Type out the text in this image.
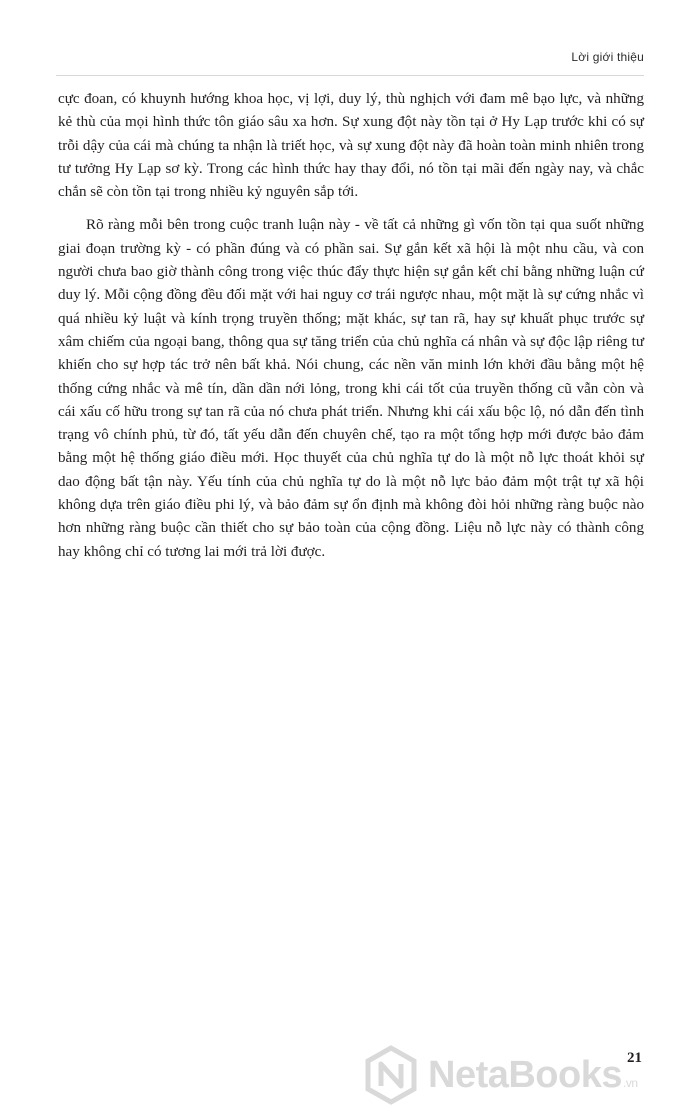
Lời giới thiệu

cực đoan, có khuynh hướng khoa học, vị lợi, duy lý, thù nghịch với đam mê bạo lực, và những kẻ thù của mọi hình thức tôn giáo sâu xa hơn. Sự xung đột này tồn tại ở Hy Lạp trước khi có sự trỗi dậy của cái mà chúng ta nhận là triết học, và sự xung đột này đã hoàn toàn minh nhiên trong tư tưởng Hy Lạp sơ kỳ. Trong các hình thức hay thay đổi, nó tồn tại mãi đến ngày nay, và chắc chắn sẽ còn tồn tại trong nhiều kỷ nguyên sắp tới.

Rõ ràng mỗi bên trong cuộc tranh luận này - về tất cả những gì vốn tồn tại qua suốt những giai đoạn trường kỳ - có phần đúng và có phần sai. Sự gắn kết xã hội là một nhu cầu, và con người chưa bao giờ thành công trong việc thúc đẩy thực hiện sự gắn kết chỉ bằng những luận cứ duy lý. Mỗi cộng đồng đều đối mặt với hai nguy cơ trái ngược nhau, một mặt là sự cứng nhắc vì quá nhiều kỷ luật và kính trọng truyền thống; mặt khác, sự tan rã, hay sự khuất phục trước sự xâm chiếm của ngoại bang, thông qua sự tăng triển của chủ nghĩa cá nhân và sự độc lập riêng tư khiến cho sự hợp tác trở nên bất khả. Nói chung, các nền văn minh lớn khởi đầu bằng một hệ thống cứng nhắc và mê tín, dần dần nới lỏng, trong khi cái tốt của truyền thống cũ vẫn còn và cái xấu cố hữu trong sự tan rã của nó chưa phát triển. Nhưng khi cái xấu bộc lộ, nó dẫn đến tình trạng vô chính phủ, từ đó, tất yếu dẫn đến chuyên chế, tạo ra một tổng hợp mới được bảo đảm bằng một hệ thống giáo điều mới. Học thuyết của chủ nghĩa tự do là một nỗ lực thoát khỏi sự dao động bất tận này. Yếu tính của chủ nghĩa tự do là một nỗ lực bảo đảm một trật tự xã hội không dựa trên giáo điều phi lý, và bảo đảm sự ổn định mà không đòi hỏi những ràng buộc nào hơn những ràng buộc cần thiết cho sự bảo toàn của cộng đồng. Liệu nỗ lực này có thành công hay không chỉ có tương lai mới trả lời được.

21
NetaBooks.vn
